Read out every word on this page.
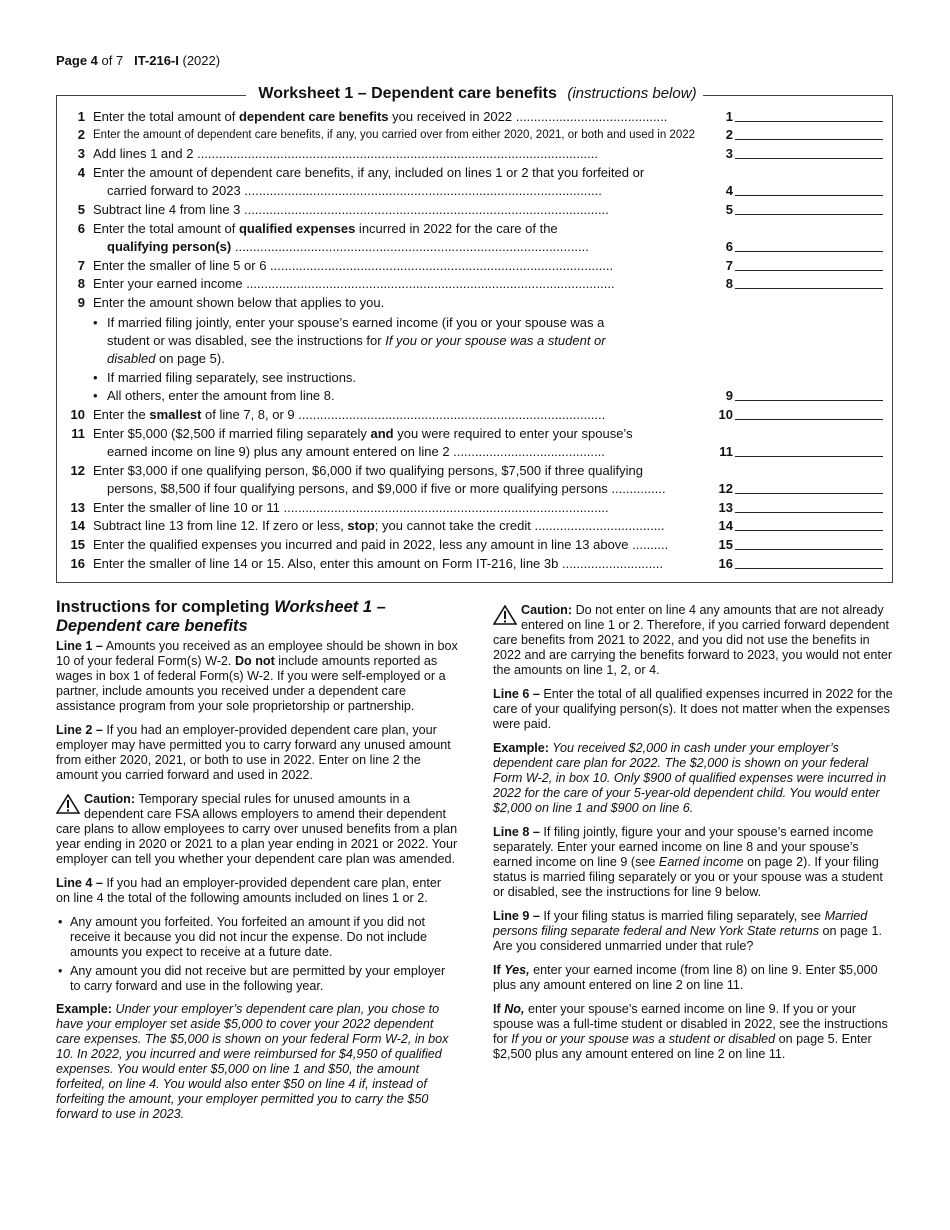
Page 4 of 7 IT-216-I (2022)
Worksheet 1 – Dependent care benefits (instructions below)
1 Enter the total amount of dependent care benefits you received in 2022 ..........................................	1
2 Enter the amount of dependent care benefits, if any, you carried over from either 2020, 2021, or both and used in 2022	2
3 Add lines 1 and 2 ...............................................................................................................	3
4 Enter the amount of dependent care benefits, if any, included on lines 1 or 2 that you forfeited or
carried forward to 2023 ...................................................................................................	4
5 Subtract line 4 from line 3 .....................................................................................................	5
6 Enter the total amount of qualified expenses incurred in 2022 for the care of the
qualifying person(s) ..................................................................................................	6
7 Enter the smaller of line 5 or 6 ...............................................................................................	7
8 Enter your earned income ......................................................................................................	8
9 Enter the amount shown below that applies to you.
• If married filing jointly, enter your spouse’s earned income (if you or your spouse was a
student or was disabled, see the instructions for If you or your spouse was a student or
disabled on page 5).
• If married filing separately, see instructions.
• All others, enter the amount from line 8.	9
10 Enter the smallest of line 7, 8, or 9 .....................................................................................	10
11 Enter $5,000 ($2,500 if married filing separately and you were required to enter your spouse’s
earned income on line 9) plus any amount entered on line 2 ..........................................	11
12 Enter $3,000 if one qualifying person, $6,000 if two qualifying persons, $7,500 if three qualifying
persons, $8,500 if four qualifying persons, and $9,000 if five or more qualifying persons ...............	12
13 Enter the smaller of line 10 or 11 ..........................................................................................	13
14 Subtract line 13 from line 12. If zero or less, stop; you cannot take the credit ....................................	14
15 Enter the qualified expenses you incurred and paid in 2022, less any amount in line 13 above ..........	15
16 Enter the smaller of line 14 or 15. Also, enter this amount on Form IT-216, line 3b ............................	16
Instructions for completing Worksheet 1 –
Dependent care benefits

Line 1 – Amounts you received as an employee should be shown in box 10 of your federal Form(s) W-2. Do not include amounts reported as wages in box 1 of federal Form(s) W-2. If you were self-employed or a partner, include amounts you received under a dependent care assistance program from your sole proprietorship or partnership.

Line 2 – If you had an employer-provided dependent care plan, your employer may have permitted you to carry forward any unused amount from either 2020, 2021, or both to use in 2022. Enter on line 2 the amount you carried forward and used in 2022.

Caution: Temporary special rules for unused amounts in a dependent care FSA allows employers to amend their dependent care plans to allow employees to carry over unused benefits from a plan year ending in 2020 or 2021 to a plan year ending in 2021 or 2022. Your employer can tell you whether your dependent care plan was amended.

Line 4 – If you had an employer-provided dependent care plan, enter on line 4 the total of the following amounts included on lines 1 or 2.

• Any amount you forfeited. You forfeited an amount if you did not receive it because you did not incur the expense. Do not include amounts you expect to receive at a future date.
• Any amount you did not receive but are permitted by your employer to carry forward and use in the following year.

Example: Under your employer’s dependent care plan, you chose to have your employer set aside $5,000 to cover your 2022 dependent care expenses. The $5,000 is shown on your federal Form W-2, in box 10. In 2022, you incurred and were reimbursed for $4,950 of qualified expenses. You would enter $5,000 on line 1 and $50, the amount forfeited, on line 4. You would also enter $50 on line 4 if, instead of forfeiting the amount, your employer permitted you to carry the $50 forward to use in 2023.

Caution: Do not enter on line 4 any amounts that are not already entered on line 1 or 2. Therefore, if you carried forward dependent care benefits from 2021 to 2022, and you did not use the benefits in 2022 and are carrying the benefits forward to 2023, you would not enter the amounts on line 1, 2, or 4.

Line 6 – Enter the total of all qualified expenses incurred in 2022 for the care of your qualifying person(s). It does not matter when the expenses were paid.

Example: You received $2,000 in cash under your employer’s dependent care plan for 2022. The $2,000 is shown on your federal Form W-2, in box 10. Only $900 of qualified expenses were incurred in 2022 for the care of your 5-year-old dependent child. You would enter $2,000 on line 1 and $900 on line 6.

Line 8 – If filing jointly, figure your and your spouse’s earned income separately. Enter your earned income on line 8 and your spouse’s earned income on line 9 (see Earned income on page 2). If your filing status is married filing separately or you or your spouse was a student or disabled, see the instructions for line 9 below.

Line 9 – If your filing status is married filing separately, see Married persons filing separate federal and New York State returns on page 1. Are you considered unmarried under that rule?

If Yes, enter your earned income (from line 8) on line 9. Enter $5,000 plus any amount entered on line 2 on line 11.

If No, enter your spouse’s earned income on line 9. If you or your spouse was a full-time student or disabled in 2022, see the instructions for If you or your spouse was a student or disabled on page 5. Enter $2,500 plus any amount entered on line 2 on line 11.
